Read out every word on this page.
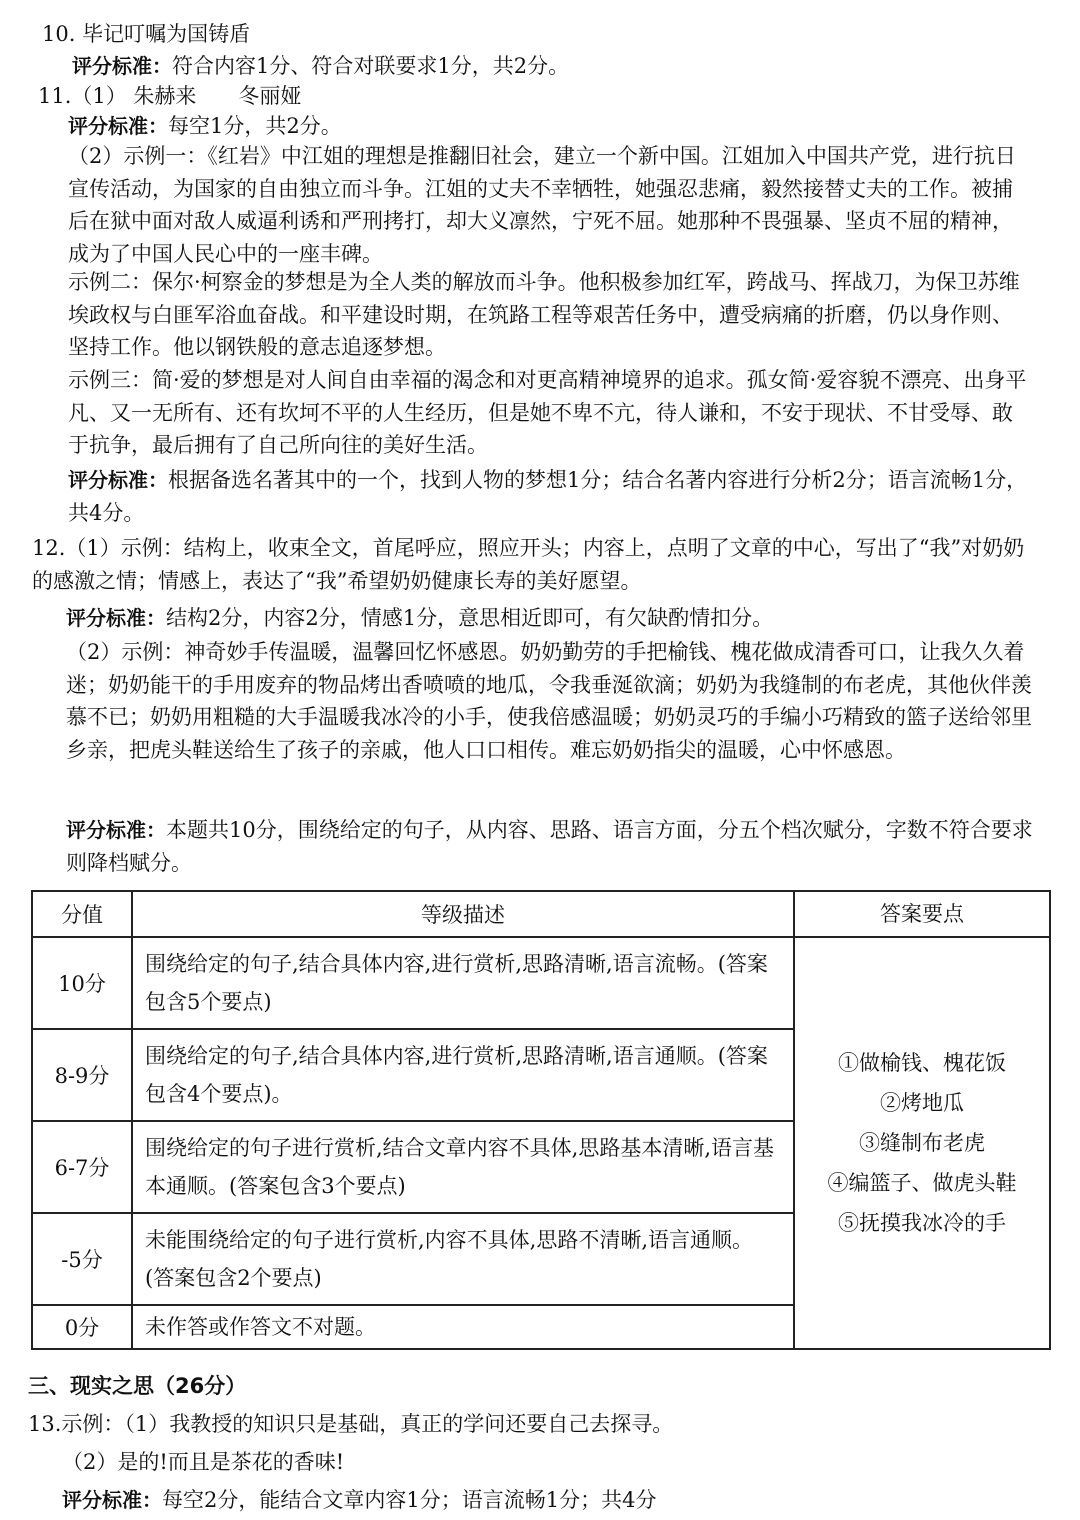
10. 毕记叮嘱为国铸盾

评分标准：符合内容1分、符合对联要求1分，共2分。

11.（1） 朱赫来　　冬丽娅

评分标准：每空1分，共2分。

（2）示例一：《红岩》中江姐的理想是推翻旧社会，建立一个新中国。江姐加入中国共产党，进行抗日宣传活动，为国家的自由独立而斗争。江姐的丈夫不幸牺牲，她强忍悲痛，毅然接替丈夫的工作。被捕后在狱中面对敌人威逼利诱和严刑拷打，却大义凛然，宁死不屈。她那种不畏强暴、坚贞不屈的精神，成为了中国人民心中的一座丰碑。

示例二：保尔·柯察金的梦想是为全人类的解放而斗争。他积极参加红军，跨战马、挥战刀，为保卫苏维埃政权与白匪军浴血奋战。和平建设时期，在筑路工程等艰苦任务中，遭受病痛的折磨，仍以身作则、坚持工作。他以钢铁般的意志追逐梦想。

示例三：简·爱的梦想是对人间自由幸福的渴念和对更高精神境界的追求。孤女简·爱容貌不漂亮、出身平凡、又一无所有、还有坎坷不平的人生经历，但是她不卑不亢，待人谦和，不安于现状、不甘受辱、敢于抗争，最后拥有了自己所向往的美好生活。

评分标准：根据备选名著其中的一个，找到人物的梦想1分；结合名著内容进行分析2分；语言流畅1分，共4分。

12.（1）示例：结构上，收束全文，首尾呼应，照应开头；内容上，点明了文章的中心，写出了“我”对奶奶的感激之情；情感上，表达了“我”希望奶奶健康长寿的美好愿望。

评分标准：结构2分，内容2分，情感1分，意思相近即可，有欠缺酌情扣分。

（2）示例：神奇妙手传温暖，温馨回忆怀感恩。奶奶勤劳的手把榆钱、槐花做成清香可口，让我久久着迷；奶奶能干的手用废弃的物品烤出香喷喷的地瓜，令我垂涎欲滴；奶奶为我缝制的布老虎，其他伙伴羡慕不已；奶奶用粗糙的大手温暖我冰冷的小手，使我倍感温暖；奶奶灵巧的手编小巧精致的篮子送给邻里乡亲，把虎头鞋送给生了孩子的亲戚，他人口口相传。难忘奶奶指尖的温暖，心中怀感恩。

评分标准：本题共10分，围绕给定的句子，从内容、思路、语言方面，分五个档次赋分，字数不符合要求则降档赋分。

分值	等级描述	答案要点
10分	围绕给定的句子,结合具体内容,进行赏析,思路清晰,语言流畅。(答案包含5个要点)	①做榆钱、槐花饭
②烤地瓜
③缝制布老虎
④编篮子、做虎头鞋
⑤抚摸我冰冷的手

8-9分	围绕给定的句子,结合具体内容,进行赏析,思路清晰,语言通顺。(答案包含4个要点)。	
6-7分	围绕给定的句子进行赏析,结合文章内容不具体,思路基本清晰,语言基本通顺。(答案包含3个要点)	
-5分	未能围绕给定的句子进行赏析,内容不具体,思路不清晰,语言通顺。(答案包含2个要点)	
0分	未作答或作答文不对题。	

三、现实之思（26分）

13.示例：（1）我教授的知识只是基础，真正的学问还要自己去探寻。

（2）是的!而且是茶花的香味!

评分标准：每空2分，能结合文章内容1分；语言流畅1分；共4分
